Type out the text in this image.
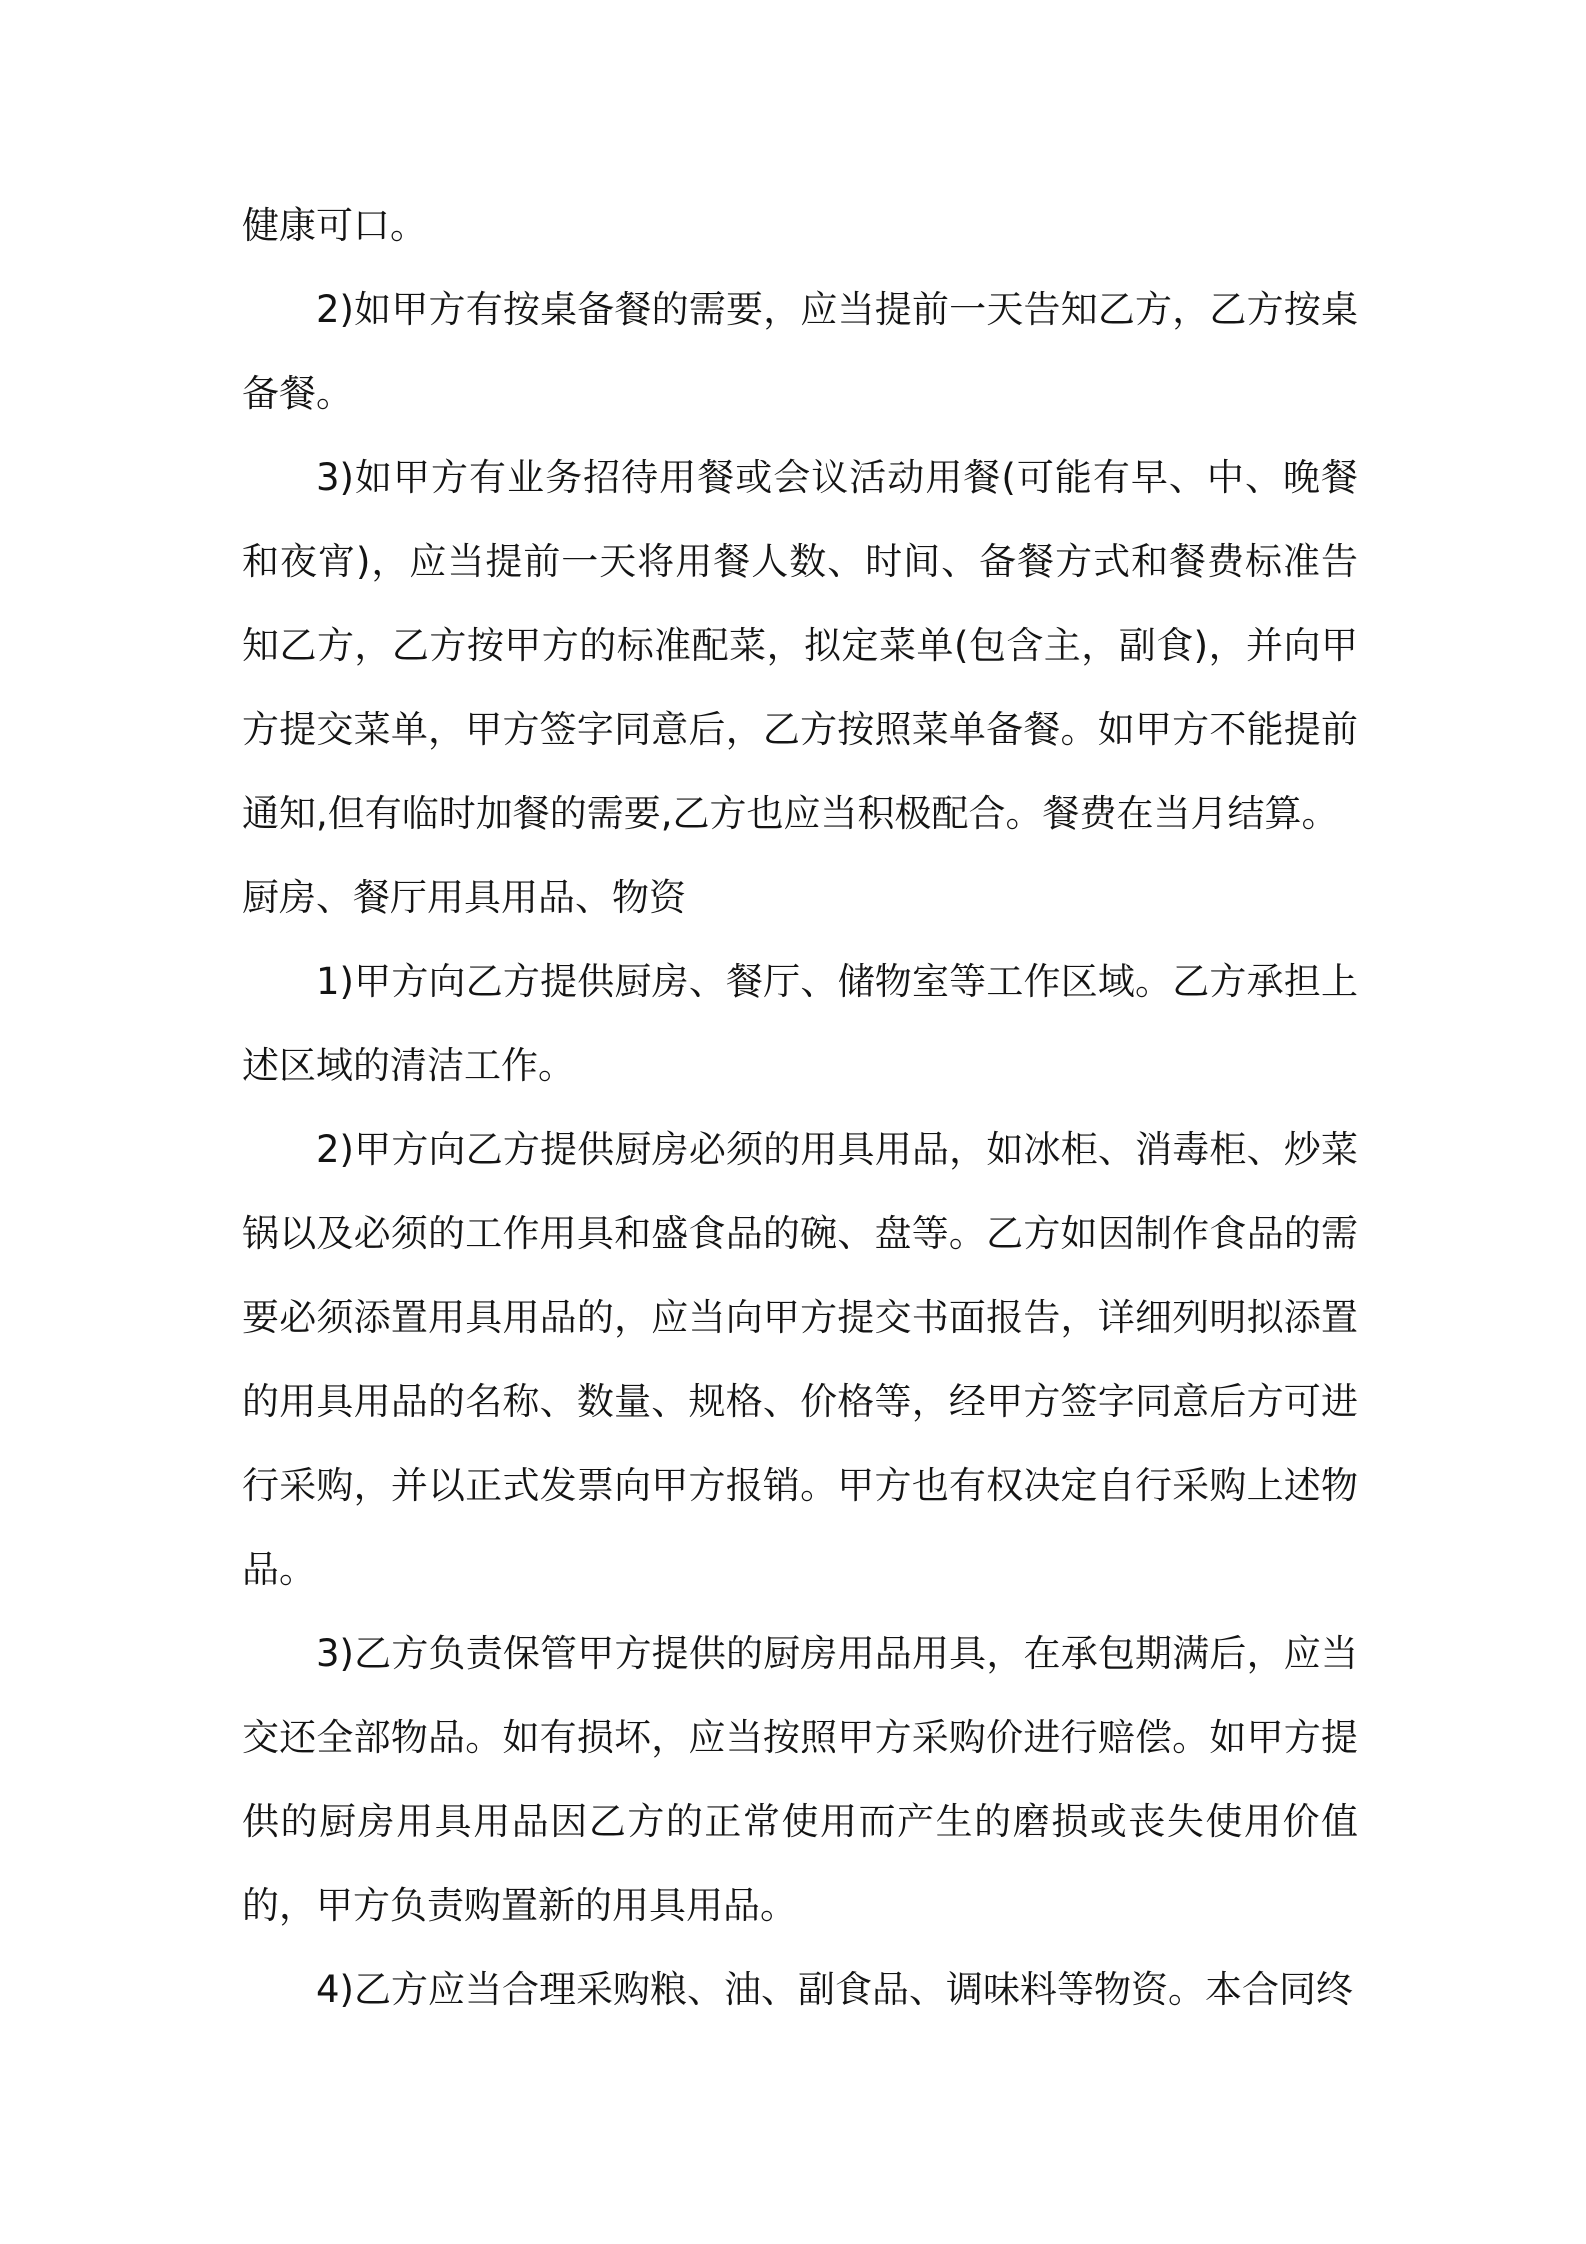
健康可口。

2)如甲方有按桌备餐的需要，应当提前一天告知乙方，乙方按桌备餐。

3)如甲方有业务招待用餐或会议活动用餐(可能有早、中、晚餐和夜宵)，应当提前一天将用餐人数、时间、备餐方式和餐费标准告知乙方，乙方按甲方的标准配菜，拟定菜单(包含主，副食)，并向甲方提交菜单，甲方签字同意后，乙方按照菜单备餐。如甲方不能提前通知,但有临时加餐的需要,乙方也应当积极配合。餐费在当月结算。

厨房、餐厅用具用品、物资

1)甲方向乙方提供厨房、餐厅、储物室等工作区域。乙方承担上述区域的清洁工作。

2)甲方向乙方提供厨房必须的用具用品，如冰柜、消毒柜、炒菜锅以及必须的工作用具和盛食品的碗、盘等。乙方如因制作食品的需要必须添置用具用品的，应当向甲方提交书面报告，详细列明拟添置的用具用品的名称、数量、规格、价格等，经甲方签字同意后方可进行采购，并以正式发票向甲方报销。甲方也有权决定自行采购上述物品。

3)乙方负责保管甲方提供的厨房用品用具，在承包期满后，应当交还全部物品。如有损坏，应当按照甲方采购价进行赔偿。如甲方提供的厨房用具用品因乙方的正常使用而产生的磨损或丧失使用价值的，甲方负责购置新的用具用品。

4)乙方应当合理采购粮、油、副食品、调味料等物资。本合同终
